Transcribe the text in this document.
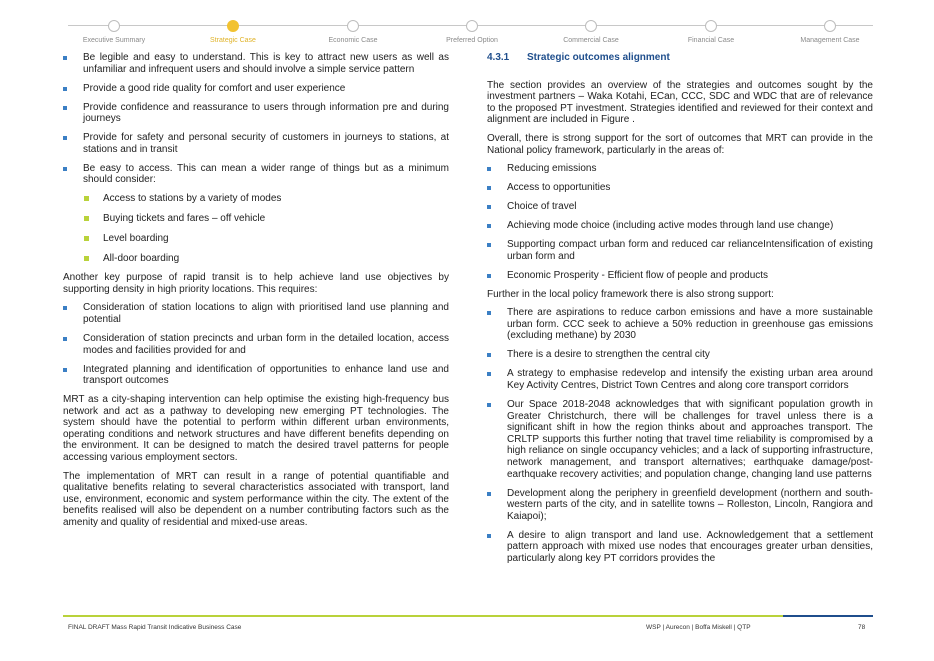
Executive Summary	Strategic Case	Economic Case	Preferred Option	Commercial Case	Financial Case	Management Case
Be legible and easy to understand. This is key to attract new users as well as unfamiliar and infrequent users and should involve a simple service pattern
Provide a good ride quality for comfort and user experience
Provide confidence and reassurance to users through information pre and during journeys
Provide for safety and personal security of customers in journeys to stations, at stations and in transit
Be easy to access. This can mean a wider range of things but as a minimum should consider:
Access to stations by a variety of modes
Buying tickets and fares – off vehicle
Level boarding
All-door boarding

Another key purpose of rapid transit is to help achieve land use objectives by supporting density in high priority locations. This requires:

Consideration of station locations to align with prioritised land use planning and potential
Consideration of station precincts and urban form in the detailed location, access modes and facilities provided for and
Integrated planning and identification of opportunities to enhance land use and transport outcomes

MRT as a city-shaping intervention can help optimise the existing high-frequency bus network and act as a pathway to developing new emerging PT technologies. The system should have the potential to perform within different urban environments, operating conditions and network structures and have different benefits depending on the environment. It can be designed to match the desired travel patterns for people accessing various employment sectors.

The implementation of MRT can result in a range of potential quantifiable and qualitative benefits relating to several characteristics associated with transport, land use, environment, economic and system performance within the city. The extent of the benefits realised will also be dependent on a number contributing factors such as the amenity and quality of residential and mixed-use areas.

4.3.1	Strategic outcomes alignment

The section provides an overview of the strategies and outcomes sought by the investment partners – Waka Kotahi, ECan, CCC, SDC and WDC that are of relevance to the proposed PT investment. Strategies identified and reviewed for their context and alignment are included in Figure .

Overall, there is strong support for the sort of outcomes that MRT can provide in the National policy framework, particularly in the areas of:

Reducing emissions
Access to opportunities
Choice of travel
Achieving mode choice (including active modes through land use change)
Supporting compact urban form and reduced car relianceIntensification of existing urban form and
Economic Prosperity - Efficient flow of people and products

Further in the local policy framework there is also strong support:

There are aspirations to reduce carbon emissions and have a more sustainable urban form. CCC seek to achieve a 50% reduction in greenhouse gas emissions (excluding methane) by 2030
There is a desire to strengthen the central city
A strategy to emphasise redevelop and intensify the existing urban area around Key Activity Centres, District Town Centres and along core transport corridors
Our Space 2018-2048 acknowledges that with significant population growth in Greater Christchurch, there will be challenges for travel unless there is a significant shift in how the region thinks about and approaches transport. The CRLTP supports this further noting that travel time reliability is compromised by a high reliance on single occupancy vehicles; and a lack of supporting infrastructure, network management, and transport alternatives; earthquake damage/post-earthquake recovery activities; and population change, changing land use patterns
Development along the periphery in greenfield development (northern and south-western parts of the city, and in satellite towns – Rolleston, Lincoln, Rangiora and Kaiapoi);
A desire to align transport and land use. Acknowledgement that a settlement pattern approach with mixed use nodes that encourages greater urban densities, particularly along key PT corridors provides the
FINAL DRAFT Mass Rapid Transit Indicative Business Case	WSP | Aurecon | Boffa Miskell | QTP	78
